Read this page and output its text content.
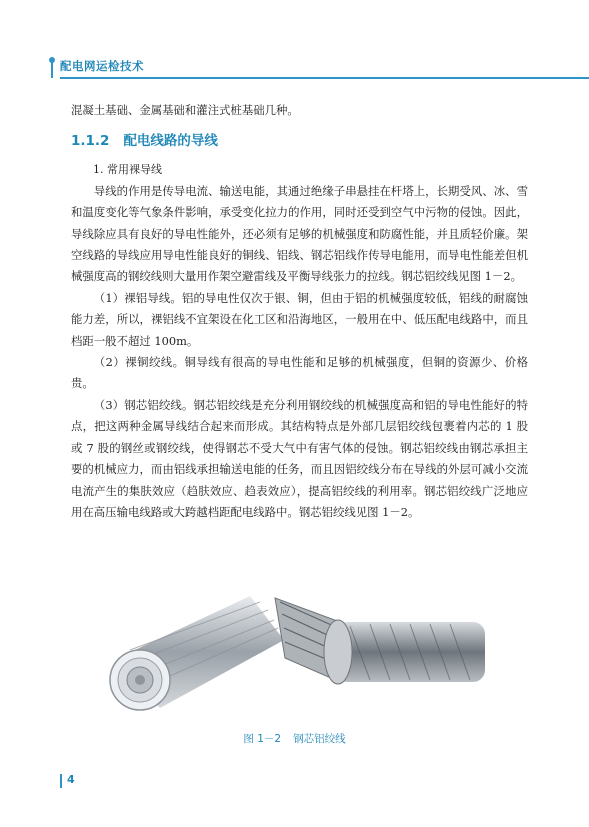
配电网运检技术

混凝土基础、金属基础和灌注式桩基础几种。

1.1.2 配电线路的导线

1. 常用裸导线

导线的作用是传导电流、输送电能，其通过绝缘子串悬挂在杆塔上，长期受风、冰、雪和温度变化等气象条件影响，承受变化拉力的作用，同时还受到空气中污物的侵蚀。因此，导线除应具有良好的导电性能外，还必须有足够的机械强度和防腐性能，并且质轻价廉。架空线路的导线应用导电性能良好的铜线、铝线、钢芯铝线作传导电能用，而导电性能差但机械强度高的钢绞线则大量用作架空避雷线及平衡导线张力的拉线。钢芯铝绞线见图 1－2。

（1）裸铝导线。铝的导电性仅次于银、铜，但由于铝的机械强度较低，铝线的耐腐蚀能力差，所以，裸铝线不宜架设在化工区和沿海地区，一般用在中、低压配电线路中，而且档距一般不超过 100m。

（2）裸铜绞线。铜导线有很高的导电性能和足够的机械强度，但铜的资源少、价格贵。

（3）钢芯铝绞线。钢芯铝绞线是充分利用钢绞线的机械强度高和铝的导电性能好的特点，把这两种金属导线结合起来而形成。其结构特点是外部几层铝绞线包裹着内芯的 1 股或 7 股的钢丝或钢绞线，使得钢芯不受大气中有害气体的侵蚀。钢芯铝绞线由钢芯承担主要的机械应力，而由铝线承担输送电能的任务，而且因铝绞线分布在导线的外层可减小交流电流产生的集肤效应（趋肤效应、趋表效应），提高铝绞线的利用率。钢芯铝绞线广泛地应用在高压输电线路或大跨越档距配电线路中。钢芯铝绞线见图 1－2。

图 1－2 钢芯铝绞线
4
